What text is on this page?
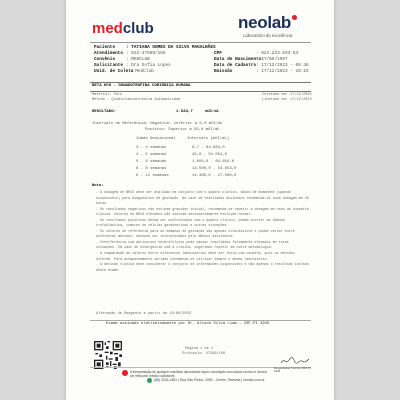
medclub	neolab
Laboratório de excelência
Paciente : TATIANA GOMES DA SILVA MAGALHÃES
Atendimento : 012-47589/156
Convênio : MEDCLUB
Solicitante : Dra Sofia Lopes
Unid. de Coleta
: MedClub
CPF	: 023.223.033-54
Data de Nascimento
: 27/05/1987
Data de Cadastro : 17/12/2023 - 08:48
Emissão	: 17/12/2023 - 10:15
BETA HCG - GONADOTROFINA CORIÔNICA HUMANA
Material: Soro
Método : Quimioluminescência Automatizada
Coletado em: 17/12/2023
Liberado em: 17/12/2023
RESULTADO:	1.584,7	mUI/mL
Intervalo de Referência: Negativo: inferior a 5,0 mUI/mL
Positivo: Superior a 25,0 mUI/mL
Idade Gestacional	Intervalo (mUI/mL)
3 - 4 semanas	9,7 - 84.684,0
4 - 5 semanas	45,0 - 54.554,0
5 - 6 semanas	1.004,0 - 64.654,0
6 - 8 semanas	14.500,0 - 53.653,0
8 - 12 semanas	14.400,0 - 27.560,0
Nota:

- A dosagem de BHCG deve ser avaliada em conjunto com o quadro clínico, dados de anamnese (quando disponíveis) para diagnóstico de gestação. No caso de resultados duvidosos recomenda-se nova dosagem em 48 horas.

- Os resultados negativos não excluem gravidez inicial, recomenda-se repetir a dosagem em caso de suspeita clínica. Valores de BHCG elevados não indicam necessariamente evolução normal.

- Os resultados positivos devem ser confrontados com o quadro clínico; podem ocorrer em doença trofoblástica, tumores de células germinativas e outras situações.

- Os valores de referência para as semanas de gestação são apenas orientativos e podem variar entre diferentes métodos, devendo ser interpretados pelo médico assistente.

- Interferência com anticorpos heterofílicos pode causar resultados falsamente elevados em raras situações. Em caso de divergência com a clínica, sugerimos repetir em outra metodologia.

- A comparação de valores entre diferentes laboratórios deve ser feita com cautela, pois os métodos diferem. Para acompanhamento seriado recomenda-se utilizar sempre o mesmo laboratório.

- A decisão clínica deve considerar o conjunto de informações disponíveis e não apenas o resultado isolado deste exame.

Alteração de Reagente a partir de 19/08/2023
Exame assinado eletronicamente por Dr. Alison Silva Lima - CRF-PI 1945
Página 1 de 1
Protocolo: 47589/156
A interpretação de qualquer resultado laboratorial requer correlação com dados clínicos e deverá ser feita pelo médico solicitante.
(86) 3226-1881 | Rua São Pedro, 2265 - Centro, Teresina | neolab.com.br
Responsável Técnico CRF-PI 1945
